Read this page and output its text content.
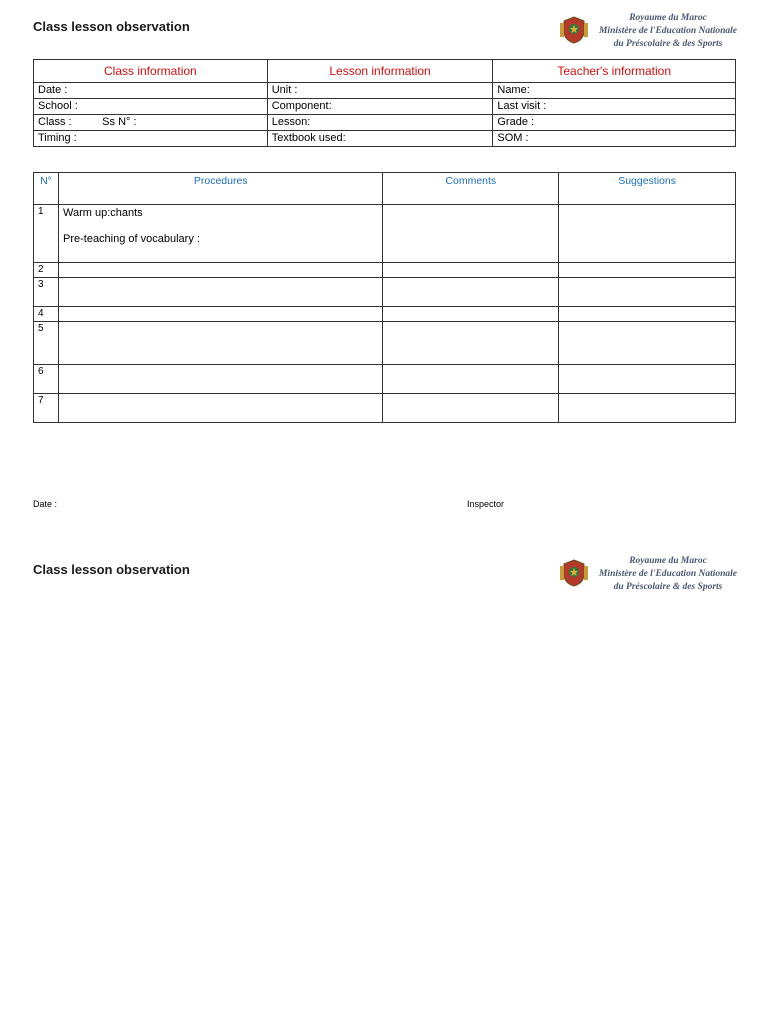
Class lesson observation
Royaume du Maroc
Ministère de l'Education Nationale
du Préscolaire & des Sports
Class information	Lesson information	Teacher's information
Date :	Unit :	Name:
School :	Component:	Last visit :
Class :          Ss N° :	Lesson:	Grade :
Timing :	Textbook used:	SOM :
N°	Procedures	Comments	Suggestions
1	Warm up:chants
Pre-teaching of vocabulary :		

2			
3			
4			
5			
6			
7			
Date :	Inspector
Class lesson observation
Royaume du Maroc
Ministère de l'Education Nationale
du Préscolaire & des Sports
